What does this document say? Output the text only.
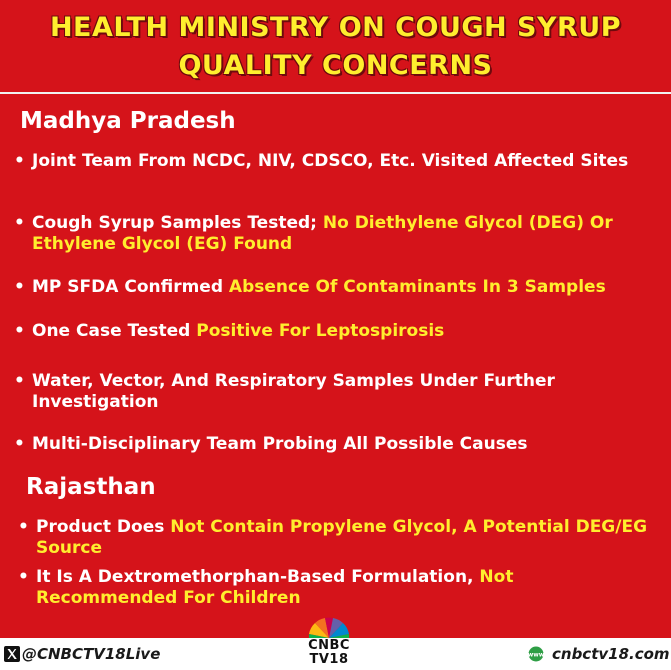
HEALTH MINISTRY ON COUGH SYRUP
QUALITY CONCERNS
Madhya Pradesh
• Joint Team From NCDC, NIV, CDSCO, Etc. Visited Affected Sites
• Cough Syrup Samples Tested; No Diethylene Glycol (DEG) Or Ethylene Glycol (EG) Found
• MP SFDA Confirmed Absence Of Contaminants In 3 Samples
• One Case Tested Positive For Leptospirosis
• Water, Vector, And Respiratory Samples Under Further Investigation
• Multi-Disciplinary Team Probing All Possible Causes
Rajasthan
• Product Does Not Contain Propylene Glycol, A Potential DEG/EG Source
• It Is A Dextromethorphan-Based Formulation, Not Recommended For Children
@CNBCTV18Live	CNBC
TV18	www cnbctv18.com
